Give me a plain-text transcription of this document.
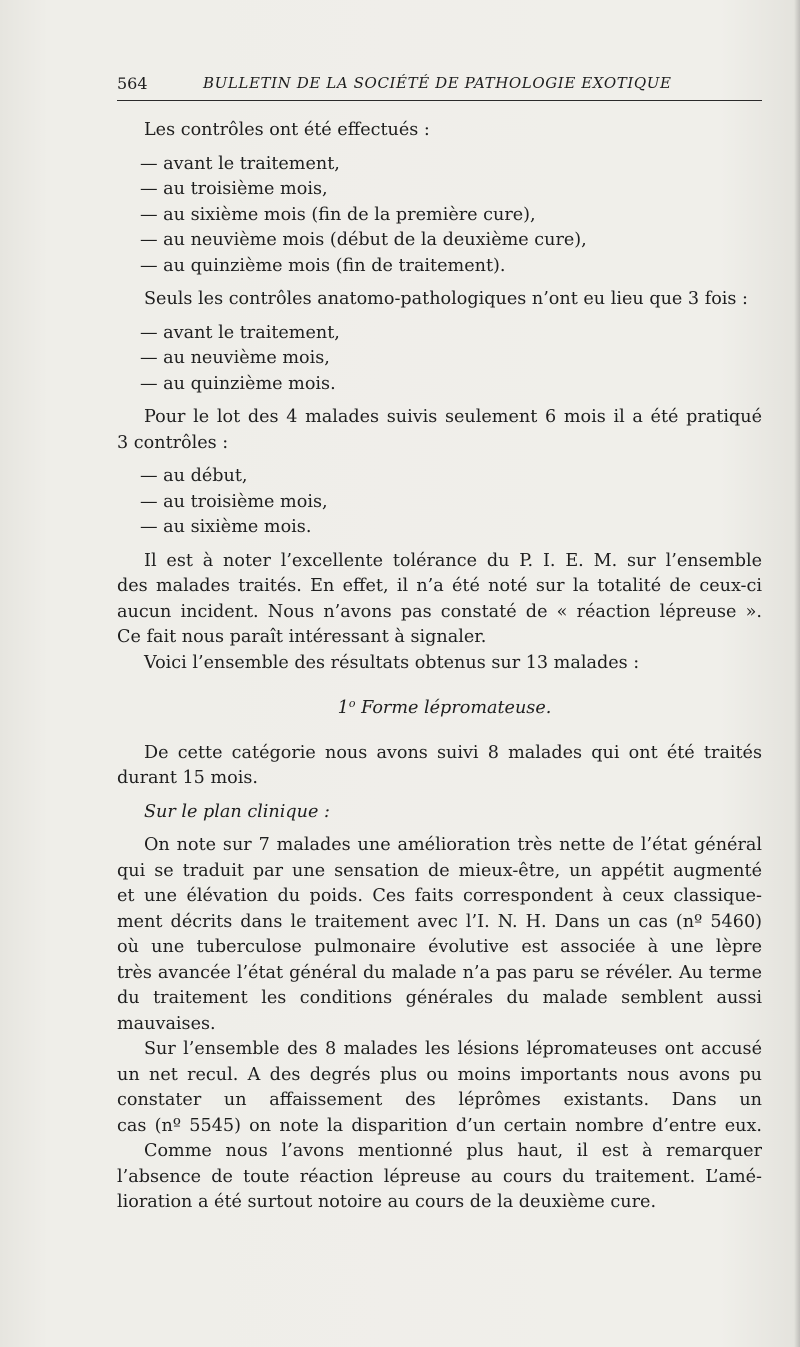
564	BULLETIN DE LA SOCIÉTÉ DE PATHOLOGIE EXOTIQUE
Les contrôles ont été effectués :
— avant le traitement,
— au troisième mois,
— au sixième mois (fin de la première cure),
— au neuvième mois (début de la deuxième cure),
— au quinzième mois (fin de traitement).
Seuls les contrôles anatomo-pathologiques n’ont eu lieu que 3 fois :
— avant le traitement,
— au neuvième mois,
— au quinzième mois.
Pour le lot des 4 malades suivis seulement 6 mois il a été pratiqué
3 contrôles :
— au début,
— au troisième mois,
— au sixième mois.
Il est à noter l’excellente tolérance du P. I. E. M. sur l’ensemble
des malades traités. En effet, il n’a été noté sur la totalité de ceux-ci
aucun incident. Nous n’avons pas constaté de « réaction lépreuse ».
Ce fait nous paraît intéressant à signaler.
Voici l’ensemble des résultats obtenus sur 13 malades :
1$^o$ Forme lépromateuse.
De cette catégorie nous avons suivi 8 malades qui ont été traités
durant 15 mois.
Sur le plan clinique :
On note sur 7 malades une amélioration très nette de l’état général
qui se traduit par une sensation de mieux-être, un appétit augmenté
et une élévation du poids. Ces faits correspondent à ceux classique-
ment décrits dans le traitement avec l’I. N. H. Dans un cas (nº 5460)
où une tuberculose pulmonaire évolutive est associée à une lèpre
très avancée l’état général du malade n’a pas paru se révéler. Au terme
du traitement les conditions générales du malade semblent aussi
mauvaises.
Sur l’ensemble des 8 malades les lésions lépromateuses ont accusé
un net recul. A des degrés plus ou moins importants nous avons pu
constater un affaissement des léprômes existants. Dans un
cas (nº 5545) on note la disparition d’un certain nombre d’entre eux.
Comme nous l’avons mentionné plus haut, il est à remarquer
l’absence de toute réaction lépreuse au cours du traitement. L’amé-
lioration a été surtout notoire au cours de la deuxième cure.
